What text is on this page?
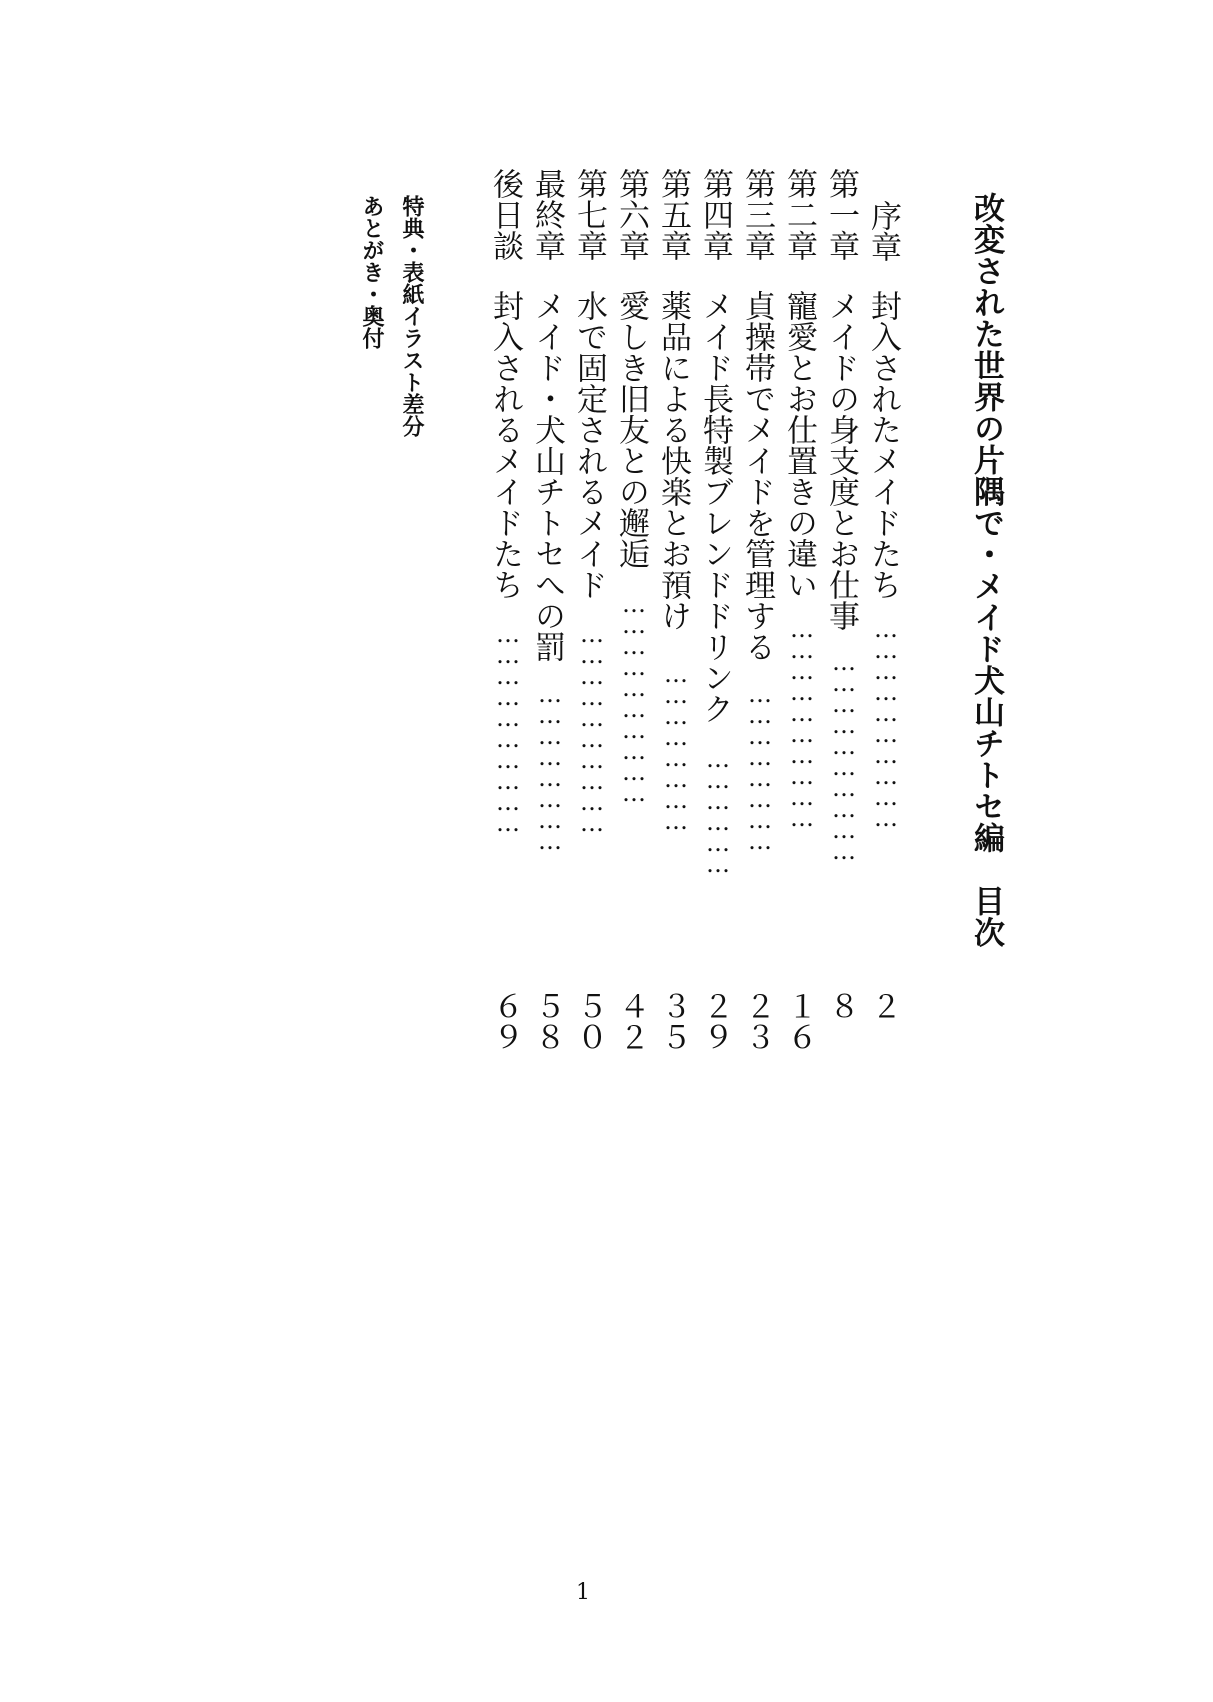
改変された世界の片隅で・メイド犬山チトセ編　目次
序章
封入されたメイドたち
…………………………
２
第一章
メイドの身支度とお仕事
…………………………
８
第二章
寵愛とお仕置きの違い
…………………………
１６
第三章
貞操帯でメイドを管理する
……………………
２３
第四章
メイド長特製ブレンドドリンク
………………
２９
第五章
薬品による快楽とお預け
……………………
３５
第六章
愛しき旧友との邂逅
…………………………
４２
第七章
水で固定されるメイド
…………………………
５０
最終章
メイド・犬山チトセへの罰
……………………
５８
後日談
封入されるメイドたち
…………………………
６９
特典・表紙イラスト差分
あとがき・奥付
1
